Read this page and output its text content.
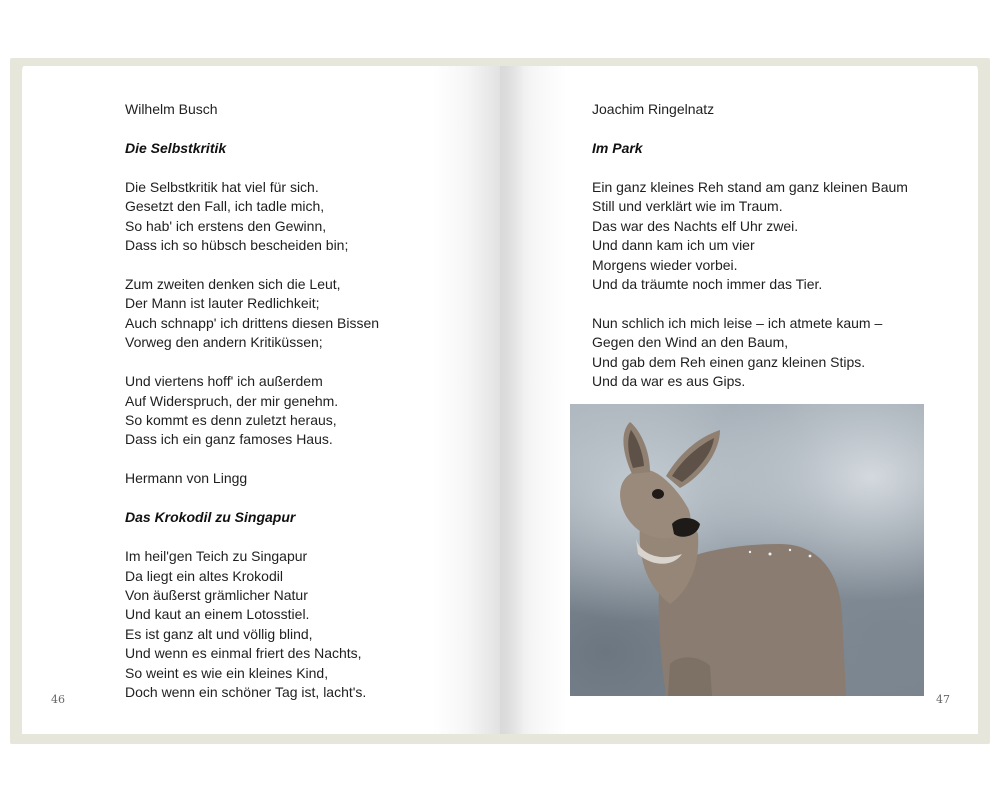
Wilhelm Busch
Die Selbstkritik
Die Selbstkritik hat viel für sich.
Gesetzt den Fall, ich tadle mich,
So hab' ich erstens den Gewinn,
Dass ich so hübsch bescheiden bin;
Zum zweiten denken sich die Leut,
Der Mann ist lauter Redlichkeit;
Auch schnapp' ich drittens diesen Bissen
Vorweg den andern Kritiküssen;
Und viertens hoff' ich außerdem
Auf Widerspruch, der mir genehm.
So kommt es denn zuletzt heraus,
Dass ich ein ganz famoses Haus.
Hermann von Lingg
Das Krokodil zu Singapur
Im heil'gen Teich zu Singapur
Da liegt ein altes Krokodil
Von äußerst grämlicher Natur
Und kaut an einem Lotosstiel.
Es ist ganz alt und völlig blind,
Und wenn es einmal friert des Nachts,
So weint es wie ein kleines Kind,
Doch wenn ein schöner Tag ist, lacht's.
46
Joachim Ringelnatz
Im Park
Ein ganz kleines Reh stand am ganz kleinen Baum
Still und verklärt wie im Traum.
Das war des Nachts elf Uhr zwei.
Und dann kam ich um vier
Morgens wieder vorbei.
Und da träumte noch immer das Tier.
Nun schlich ich mich leise – ich atmete kaum –
Gegen den Wind an den Baum,
Und gab dem Reh einen ganz kleinen Stips.
Und da war es aus Gips.
47
